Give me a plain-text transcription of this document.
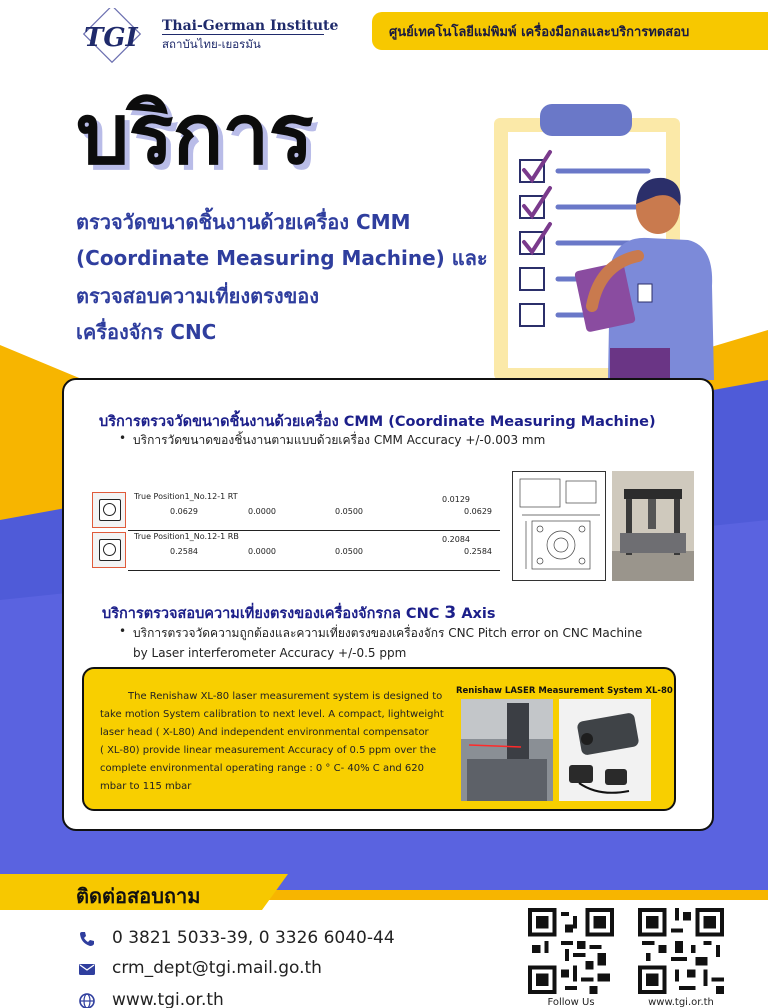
TGI Thai-German Institute
สถาบันไทย-เยอรมัน
ศูนย์เทคโนโลยีแม่พิมพ์ เครื่องมือกลและบริการทดสอบ
บริการ
ตรวจวัดขนาดชิ้นงานด้วยเครื่อง CMM
(Coordinate Measuring Machine) และ
ตรวจสอบความเที่ยงตรงของ
เครื่องจักร CNC
บริการตรวจวัดขนาดชิ้นงานด้วยเครื่อง CMM (Coordinate Measuring Machine)
• บริการวัดขนาดของชิ้นงานตามแบบด้วยเครื่อง CMM Accuracy +/-0.003 mm
True Position1_No.12-1 RT	0.0129
0.0629	0.0000	0.0500	0.0629
True Position1_No.12-1 RB	0.2084
0.2584	0.0000	0.0500	0.2584
บริการตรวจสอบความเที่ยงตรงของเครื่องจักรกล CNC 3 Axis
• บริการตรวจวัดความถูกต้องและความเที่ยงตรงของเครื่องจักร CNC Pitch error on CNC Machine
by Laser interferometer Accuracy +/-0.5 ppm
Renishaw LASER Measurement System XL-80
The Renishaw XL-80 laser measurement system is designed to
take motion System calibration to next level. A compact, lightweight
laser head ( X-L80) And independent environmental compensator
( XL-80) provide linear measurement Accuracy of 0.5 ppm over the
complete environmental operating range : 0 ° C- 40% C and 620
mbar to 115 mbar
ติดต่อสอบถาม
0 3821 5033-39, 0 3326 6040-44
crm_dept@tgi.mail.go.th
www.tgi.or.th	Follow Us	www.tgi.or.th
